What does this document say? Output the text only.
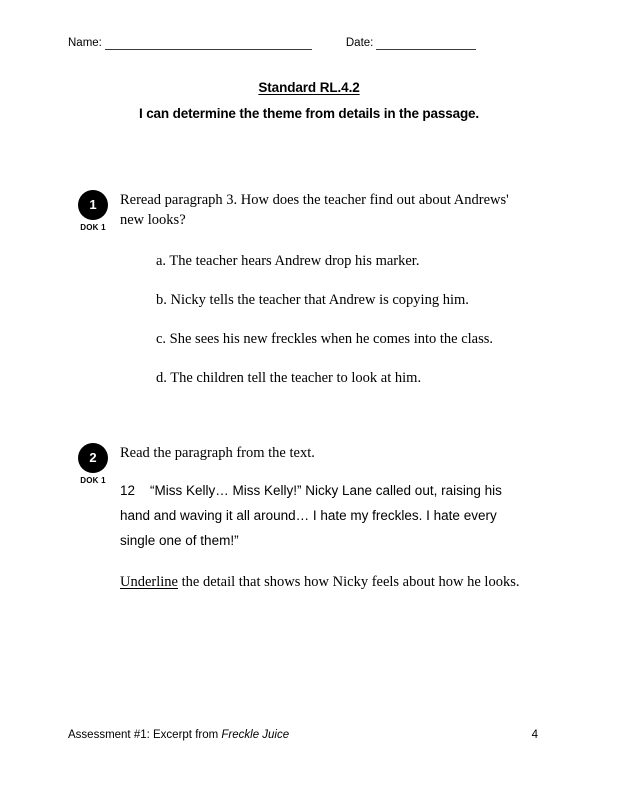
Name:	Date:
Standard RL.4.2
I can determine the theme from details in the passage.
1
DOK 1
Reread paragraph 3. How does the teacher find out about Andrews' new looks?
a. The teacher hears Andrew drop his marker.
b. Nicky tells the teacher that Andrew is copying him.
c. She sees his new freckles when he comes into the class.
d. The children tell the teacher to look at him.
2
DOK 1
Read the paragraph from the text.
12 “Miss Kelly… Miss Kelly!” Nicky Lane called out, raising his hand and waving it all around… I hate my freckles. I hate every single one of them!”
Underline the detail that shows how Nicky feels about how he looks.
Assessment #1: Excerpt from Freckle Juice	4
